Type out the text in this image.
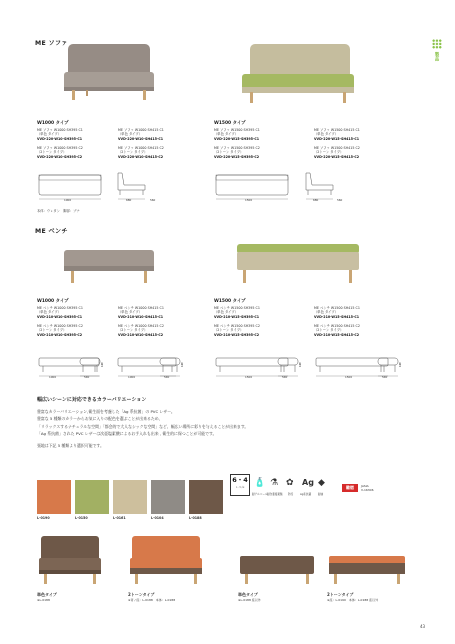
製品
ME ソファ
W1000 タイプ
ME ソファ W1000 SH395 C1
（単色 タイプ）
VVD-220-W10-SH395-C1
ME ソファ W1000 SH415 C1
（単色 タイプ）
VVD-220-W10-SH415-C1
ME ソファ W1000 SH395 C2
（2トーン タイプ）
VVD-220-W10-SH395-C2
ME ソファ W1000 SH415 C2
（2トーン タイプ）
VVD-220-W10-SH415-C2
W1500 タイプ
ME ソファ W1500 SH395 C1
（単色 タイプ）
VVD-220-W15-SH395-C1
ME ソファ W1500 SH415 C1
（単色 タイプ）
VVD-220-W15-SH415-C1
ME ソファ W1500 SH395 C2
（2トーン タイプ）
VVD-220-W15-SH395-C2
ME ソファ W1500 SH415 C2
（2トーン タイプ）
VVD-220-W15-SH415-C2
1000	680	560	1500	680	560
本体：ウレタン　脚部：ブナ
ME ベンチ
W1000 タイプ
ME ベンチ W1000 SH395 C1
（単色 タイプ）
VVD-210-W10-SH395-C1
ME ベンチ W1000 SH415 C1
（単色 タイプ）
VVD-210-W10-SH415-C1
ME ベンチ W1000 SH395 C2
（2トーン タイプ）
VVD-210-W10-SH395-C2
ME ベンチ W1000 SH415 C2
（2トーン タイプ）
VVD-210-W10-SH415-C2
W1500 タイプ
ME ベンチ W1500 SH395 C1
（単色 タイプ）
VVD-210-W15-SH395-C1
ME ベンチ W1500 SH415 C1
（単色 タイプ）
VVD-210-W15-SH415-C1
ME ベンチ W1500 SH395 C2
（2トーン タイプ）
VVD-210-W15-SH395-C2
ME ベンチ W1500 SH415 C2
（2トーン タイプ）
VVD-210-W15-SH415-C2
1000	540
415
1000	540
415
1500	540
415
1500	540
415
幅広いシーンに対応できるカラーバリエーション
豊富なカラーバリエーション,衛生面を考慮した「Ag 系抗菌」の PVC レザー。
豊富な 5 種類のカラーからお気に入りの配色を選ぶことが出来るため、
「リラックスするナチュラルな空間」「都会的で大人なシックな空間」など、幅広い場所に彩りを与えることが出来ます。
「Ag 系抗菌」された PVC レザーは次亜塩素酸によるお手入れも出来 , 衛生的に保つことが可能です。
張地は下記 5 種類より選択可能です。
L-0190	L-0150	L-0161	L-0104	L-0188
6・4
レベル	🧴 ⚗ ✿ Ag ◆
耐アルコール 耐次亜塩素酸 防汚	Ag系抗菌	耐油
難燃	JASIA
V-16306
単色タイプ
※L-0188
2トーンタイプ
※背 / 座：L-0188　本体：L-0188
単色タイプ
※L-0188 座以外
2トーンタイプ
※座：L-0190　本体：L-0188 座以外
43
